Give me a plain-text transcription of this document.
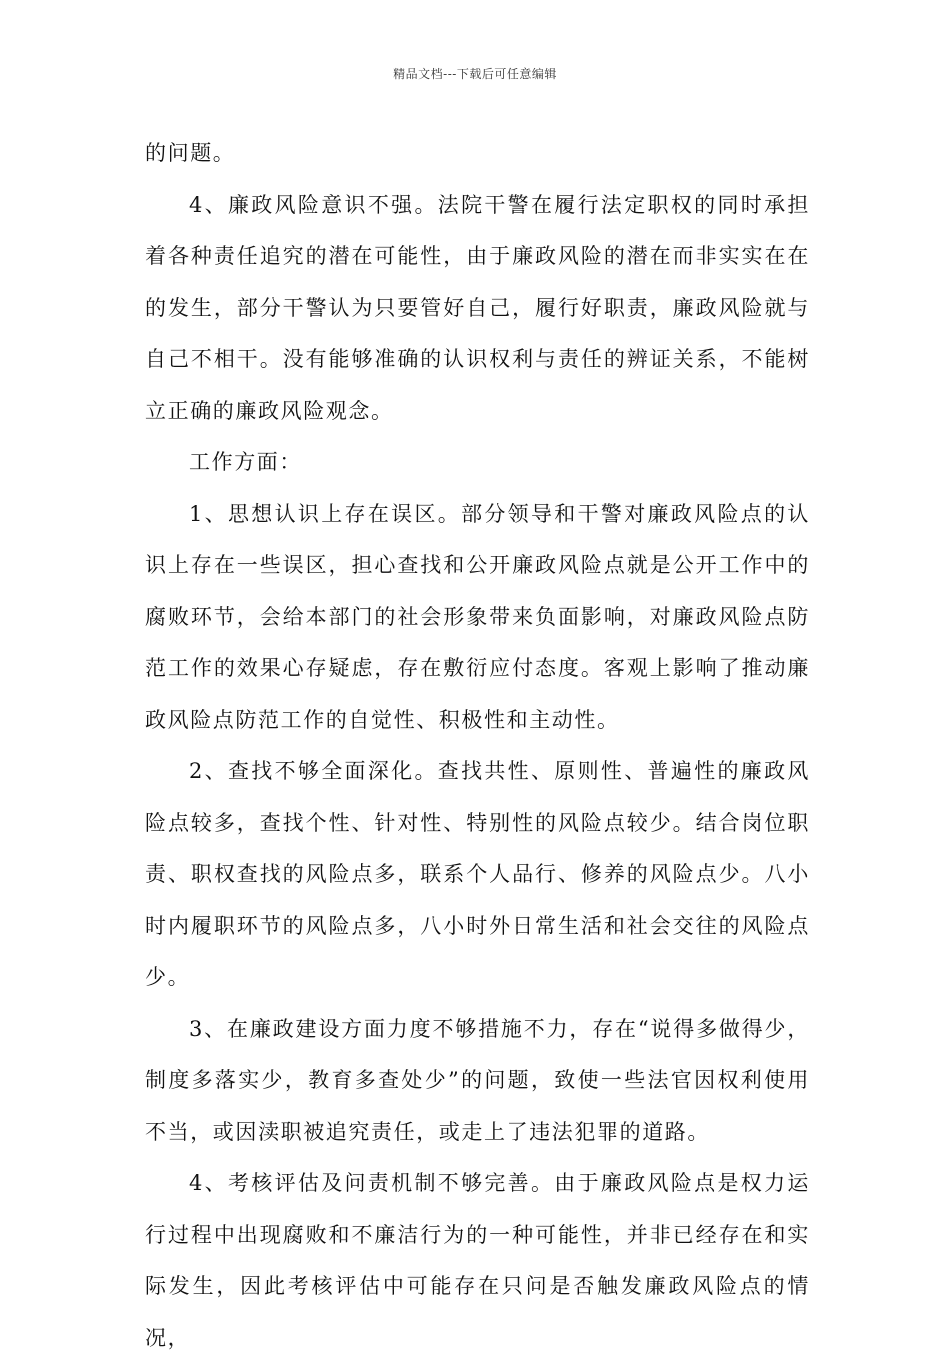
精品文档---下载后可任意编辑

的问题。

4、廉政风险意识不强。法院干警在履行法定职权的同时承担着各种责任追究的潜在可能性，由于廉政风险的潜在而非实实在在的发生，部分干警认为只要管好自己，履行好职责，廉政风险就与自己不相干。没有能够准确的认识权利与责任的辨证关系，不能树立正确的廉政风险观念。

工作方面：

1、思想认识上存在误区。部分领导和干警对廉政风险点的认识上存在一些误区，担心查找和公开廉政风险点就是公开工作中的腐败环节，会给本部门的社会形象带来负面影响，对廉政风险点防范工作的效果心存疑虑，存在敷衍应付态度。客观上影响了推动廉政风险点防范工作的自觉性、积极性和主动性。

2、查找不够全面深化。查找共性、原则性、普遍性的廉政风险点较多，查找个性、针对性、特别性的风险点较少。结合岗位职责、职权查找的风险点多，联系个人品行、修养的风险点少。八小时内履职环节的风险点多，八小时外日常生活和社会交往的风险点少。

3、在廉政建设方面力度不够措施不力，存在“说得多做得少，制度多落实少，教育多查处少”的问题，致使一些法官因权利使用不当，或因渎职被追究责任，或走上了违法犯罪的道路。

4、考核评估及问责机制不够完善。由于廉政风险点是权力运行过程中出现腐败和不廉洁行为的一种可能性，并非已经存在和实际发生，因此考核评估中可能存在只问是否触发廉政风险点的情况，
